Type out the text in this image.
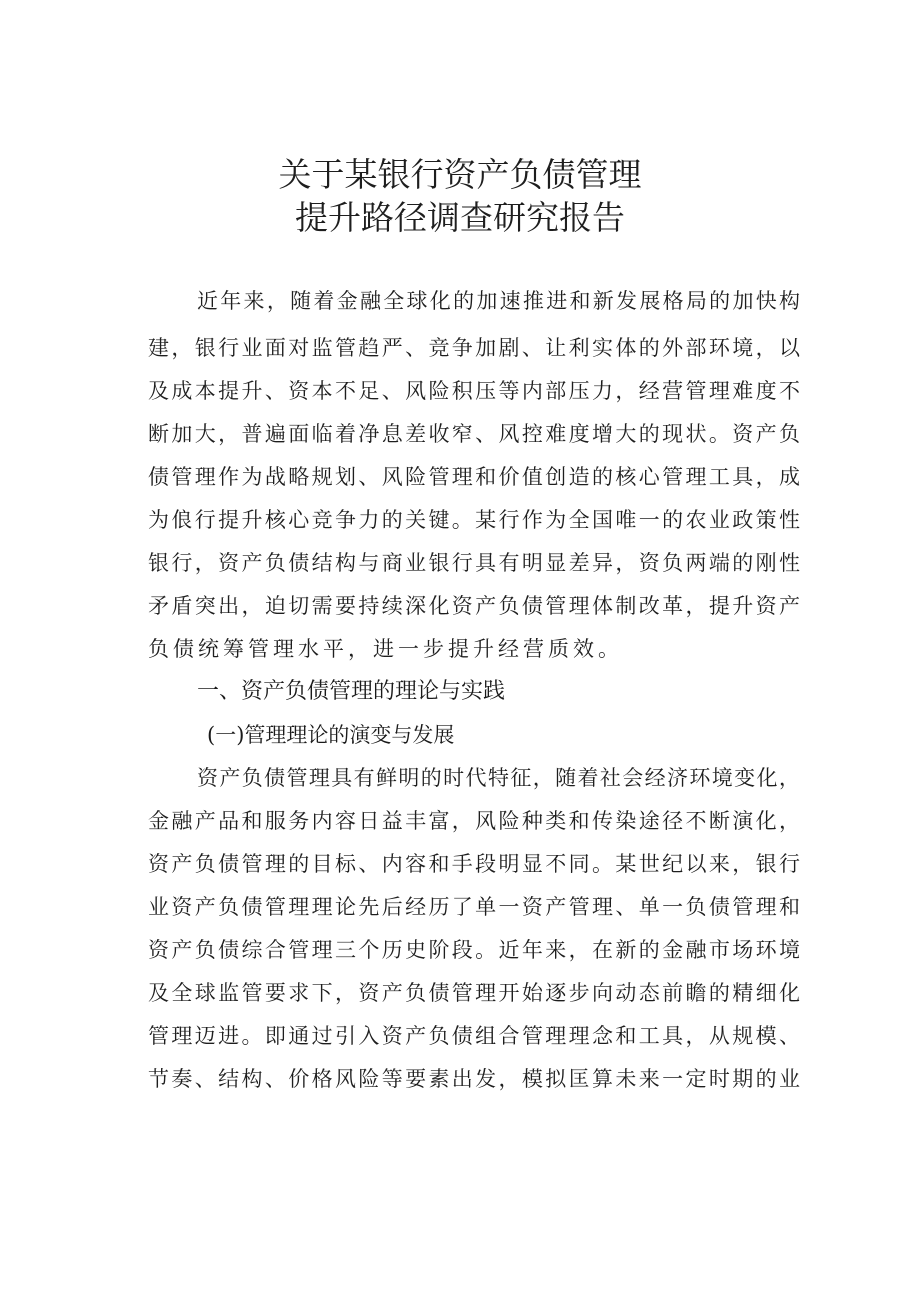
关于某银行资产负债管理
提升路径调查研究报告
近年来，随着金融全球化的加速推进和新发展格局的加快构
建，银行业面对监管趋严、竞争加剧、让利实体的外部环境，以
及成本提升、资本不足、风险积压等内部压力，经营管理难度不
断加大，普遍面临着净息差收窄、风控难度增大的现状。资产负
债管理作为战略规划、风险管理和价值创造的核心管理工具，成
为俍行提升核心竞争力的关键。某行作为全国唯一的农业政策性
银行，资产负债结构与商业银行具有明显差异，资负两端的刚性
矛盾突出，迫切需要持续深化资产负债管理体制改革，提升资产
负债统筹管理水平，进一步提升经营质效。
一、资产负债管理的理论与实践
(一)管理理论的演变与发展
资产负债管理具有鲜明的时代特征，随着社会经济环境变化，
金融产品和服务内容日益丰富，风险种类和传染途径不断演化，
资产负债管理的目标、内容和手段明显不同。某世纪以来，银行
业资产负债管理理论先后经历了单一资产管理、单一负债管理和
资产负债综合管理三个历史阶段。近年来，在新的金融市场环境
及全球监管要求下，资产负债管理开始逐步向动态前瞻的精细化
管理迈进。即通过引入资产负债组合管理理念和工具，从规模、
节奏、结构、价格风险等要素出发，模拟匡算未来一定时期的业
